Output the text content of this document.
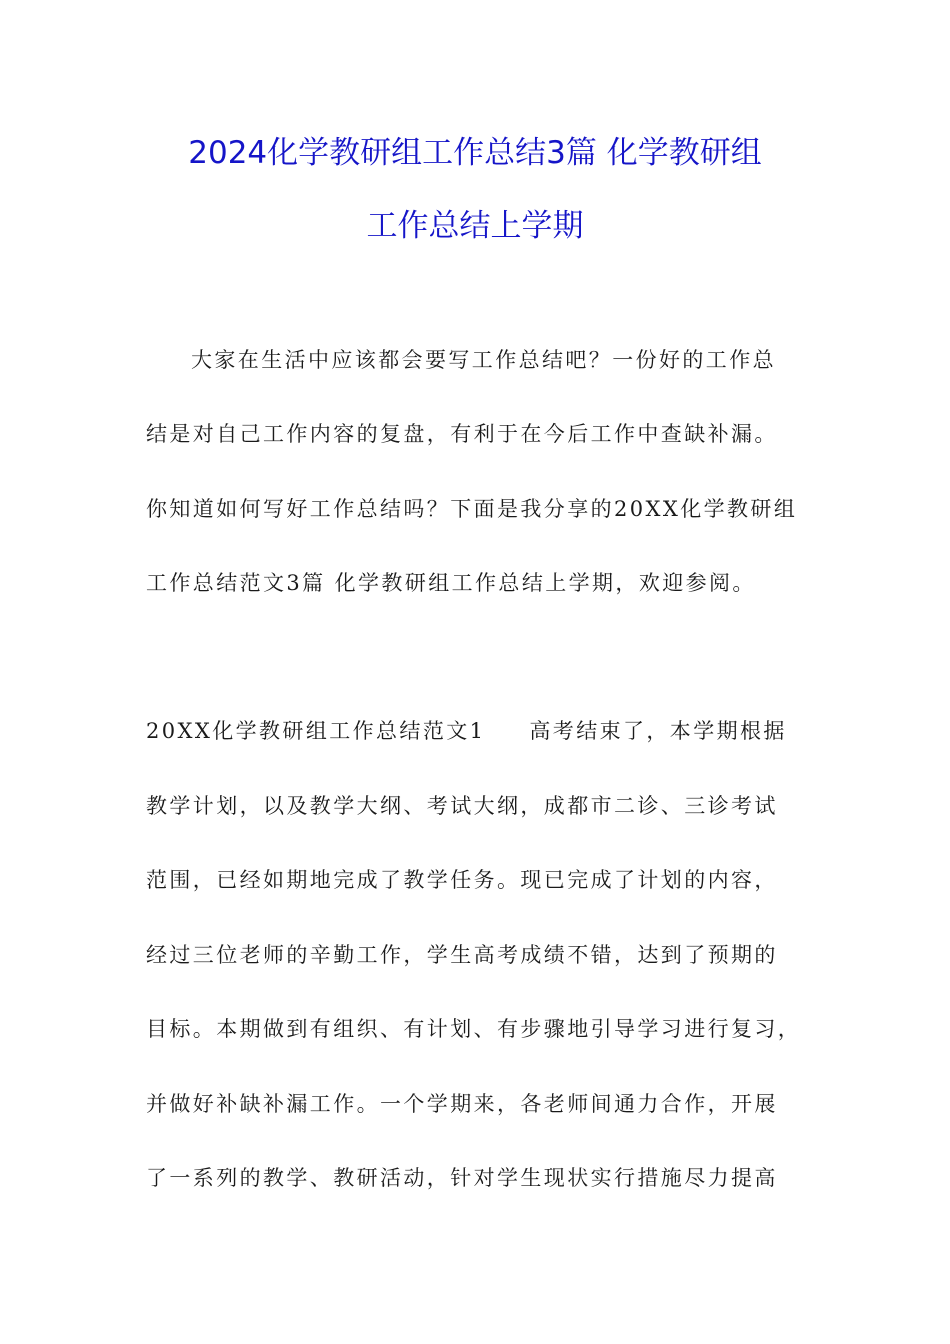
2024化学教研组工作总结3篇 化学教研组
工作总结上学期
大家在生活中应该都会要写工作总结吧？一份好的工作总
结是对自己工作内容的复盘，有利于在今后工作中查缺补漏。
你知道如何写好工作总结吗？下面是我分享的20XX化学教研组
工作总结范文3篇 化学教研组工作总结上学期，欢迎参阅。
20XX化学教研组工作总结范文1 高考结束了，本学期根据
教学计划，以及教学大纲、考试大纲，成都市二诊、三诊考试
范围，已经如期地完成了教学任务。现已完成了计划的内容，
经过三位老师的辛勤工作，学生高考成绩不错，达到了预期的
目标。本期做到有组织、有计划、有步骤地引导学习进行复习，
并做好补缺补漏工作。一个学期来，各老师间通力合作，开展
了一系列的教学、教研活动，针对学生现状实行措施尽力提高
